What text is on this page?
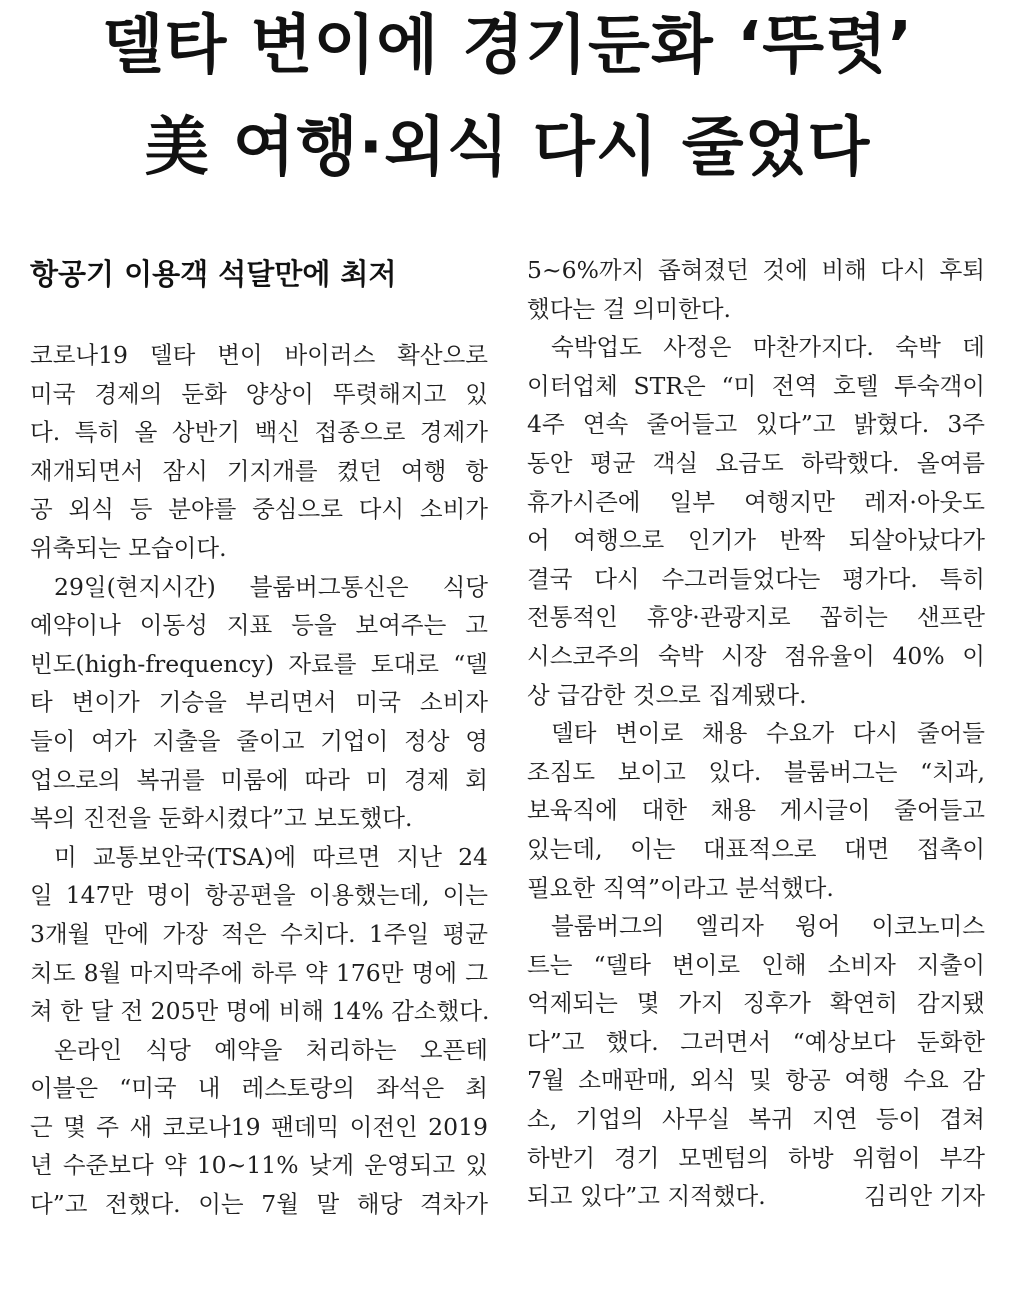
델타 변이에 경기둔화 ‘뚜렷’
美 여행·외식 다시 줄었다
항공기 이용객 석달만에 최저
코로나19 델타 변이 바이러스 확산으로
미국 경제의 둔화 양상이 뚜렷해지고 있
다. 특히 올 상반기 백신 접종으로 경제가
재개되면서 잠시 기지개를 켰던 여행 항
공 외식 등 분야를 중심으로 다시 소비가
위축되는 모습이다.
29일(현지시간) 블룸버그통신은 식당
예약이나 이동성 지표 등을 보여주는 고
빈도(high-frequency) 자료를 토대로 “델
타 변이가 기승을 부리면서 미국 소비자
들이 여가 지출을 줄이고 기업이 정상 영
업으로의 복귀를 미룸에 따라 미 경제 회
복의 진전을 둔화시켰다”고 보도했다.
미 교통보안국(TSA)에 따르면 지난 24
일 147만 명이 항공편을 이용했는데, 이는
3개월 만에 가장 적은 수치다. 1주일 평균
치도 8월 마지막주에 하루 약 176만 명에 그
쳐 한 달 전 205만 명에 비해 14% 감소했다.
온라인 식당 예약을 처리하는 오픈테
이블은 “미국 내 레스토랑의 좌석은 최
근 몇 주 새 코로나19 팬데믹 이전인 2019
년 수준보다 약 10~11% 낮게 운영되고 있
다”고 전했다. 이는 7월 말 해당 격차가
5~6%까지 좁혀졌던 것에 비해 다시 후퇴
했다는 걸 의미한다.
숙박업도 사정은 마찬가지다. 숙박 데
이터업체 STR은 “미 전역 호텔 투숙객이
4주 연속 줄어들고 있다”고 밝혔다. 3주
동안 평균 객실 요금도 하락했다. 올여름
휴가시즌에 일부 여행지만 레저·아웃도
어 여행으로 인기가 반짝 되살아났다가
결국 다시 수그러들었다는 평가다. 특히
전통적인 휴양·관광지로 꼽히는 샌프란
시스코주의 숙박 시장 점유율이 40% 이
상 급감한 것으로 집계됐다.
델타 변이로 채용 수요가 다시 줄어들
조짐도 보이고 있다. 블룸버그는 “치과,
보육직에 대한 채용 게시글이 줄어들고
있는데, 이는 대표적으로 대면 접촉이
필요한 직역”이라고 분석했다.
블룸버그의 엘리자 윙어 이코노미스
트는 “델타 변이로 인해 소비자 지출이
억제되는 몇 가지 징후가 확연히 감지됐
다”고 했다. 그러면서 “예상보다 둔화한
7월 소매판매, 외식 및 항공 여행 수요 감
소, 기업의 사무실 복귀 지연 등이 겹쳐
하반기 경기 모멘텀의 하방 위험이 부각
되고 있다”고 지적했다.	김리안 기자
